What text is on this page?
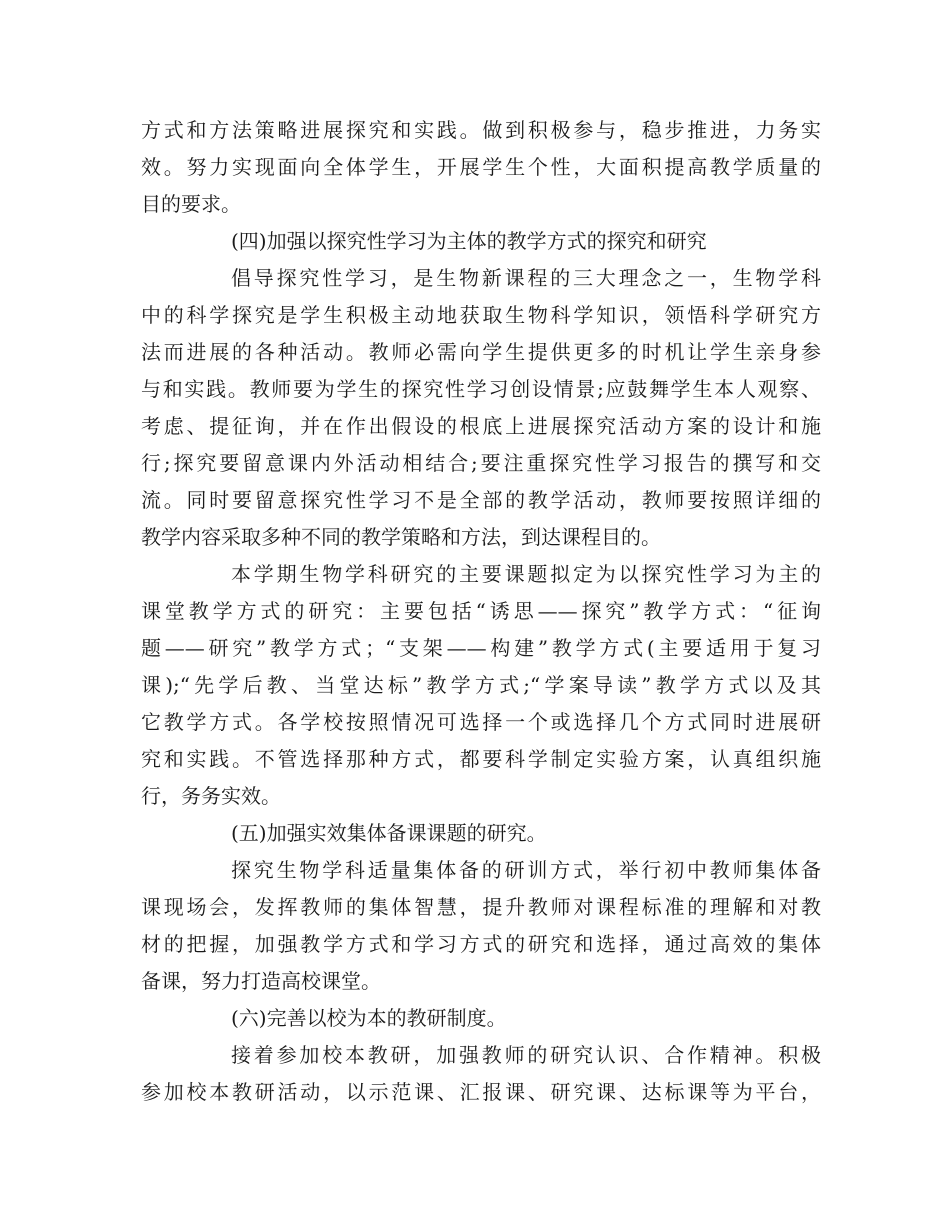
方式和方法策略进展探究和实践。做到积极参与，稳步推进，力务实
效。努力实现面向全体学生，开展学生个性，大面积提高教学质量的
目的要求。
(四)加强以探究性学习为主体的教学方式的探究和研究
倡导探究性学习，是生物新课程的三大理念之一，生物学科
中的科学探究是学生积极主动地获取生物科学知识，领悟科学研究方
法而进展的各种活动。教师必需向学生提供更多的时机让学生亲身参
与和实践。教师要为学生的探究性学习创设情景;应鼓舞学生本人观察、
考虑、提征询，并在作出假设的根底上进展探究活动方案的设计和施
行;探究要留意课内外活动相结合;要注重探究性学习报告的撰写和交
流。同时要留意探究性学习不是全部的教学活动，教师要按照详细的
教学内容采取多种不同的教学策略和方法，到达课程目的。
本学期生物学科研究的主要课题拟定为以探究性学习为主的
课堂教学方式的研究：主要包括“诱思——探究”教学方式：“征询
题——研究”教学方式；“支架——构建”教学方式(主要适用于复习
课);“先学后教、当堂达标”教学方式;“学案导读”教学方式以及其
它教学方式。各学校按照情况可选择一个或选择几个方式同时进展研
究和实践。不管选择那种方式，都要科学制定实验方案，认真组织施
行，务务实效。
(五)加强实效集体备课课题的研究。
探究生物学科适量集体备的研训方式，举行初中教师集体备
课现场会，发挥教师的集体智慧，提升教师对课程标准的理解和对教
材的把握，加强教学方式和学习方式的研究和选择，通过高效的集体
备课，努力打造高校课堂。
(六)完善以校为本的教研制度。
接着参加校本教研，加强教师的研究认识、合作精神。积极
参加校本教研活动，以示范课、汇报课、研究课、达标课等为平台，
